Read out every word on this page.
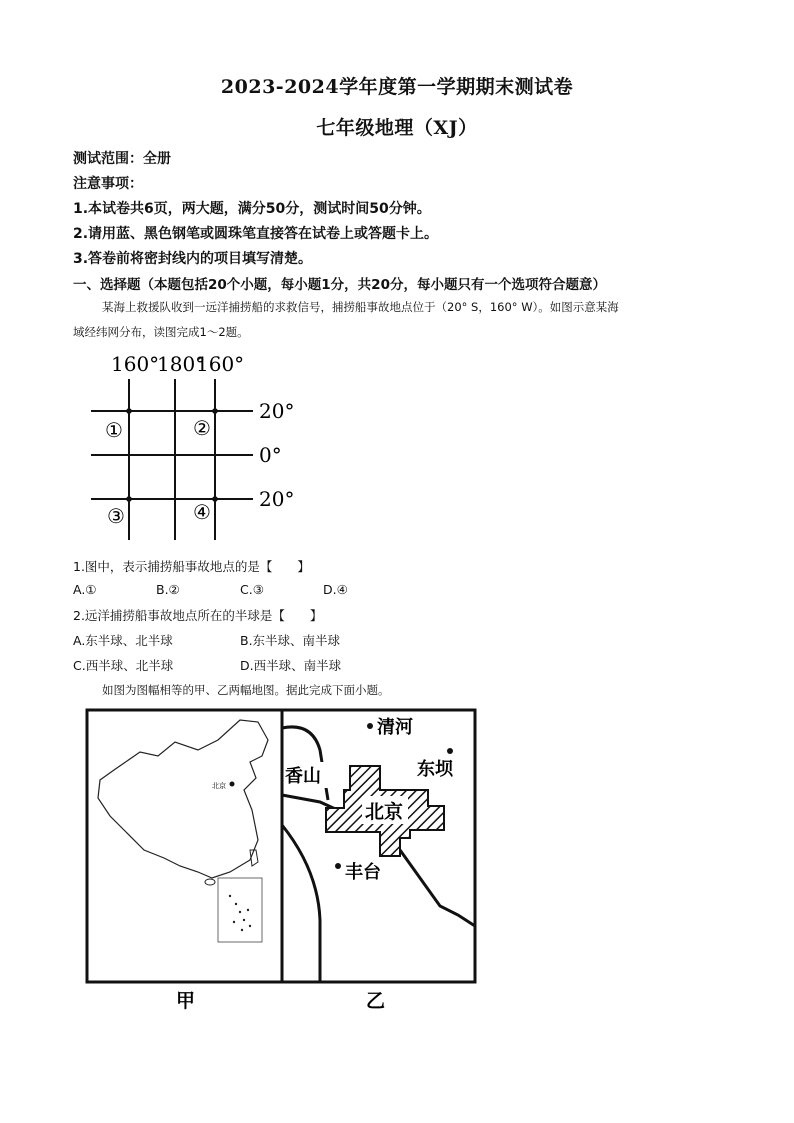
2023-2024学年度第一学期期末测试卷
七年级地理（XJ）
测试范围：全册
注意事项：
1.本试卷共6页，两大题，满分50分，测试时间50分钟。
2.请用蓝、黑色钢笔或圆珠笔直接答在试卷上或答题卡上。
3.答卷前将密封线内的项目填写清楚。
一、选择题（本题包括20个小题，每小题1分，共20分，每小题只有一个选项符合题意）
某海上救援队收到一远洋捕捞船的求救信号，捕捞船事故地点位于（20° S，160° W）。如图示意某海
域经纬网分布，读图完成1～2题。
160°
180°
160°
20°
0°
20°
①	②
③	④
1.图中，表示捕捞船事故地点的是【　　】
A.①	B.②	C.③	D.④
2.远洋捕捞船事故地点所在的半球是【　　】
A.东半球、北半球	B.东半球、南半球
C.西半球、北半球	D.西半球、南半球
如图为图幅相等的甲、乙两幅地图。据此完成下面小题。
北京
北京
清河
东坝
香山
丰台
甲	乙
